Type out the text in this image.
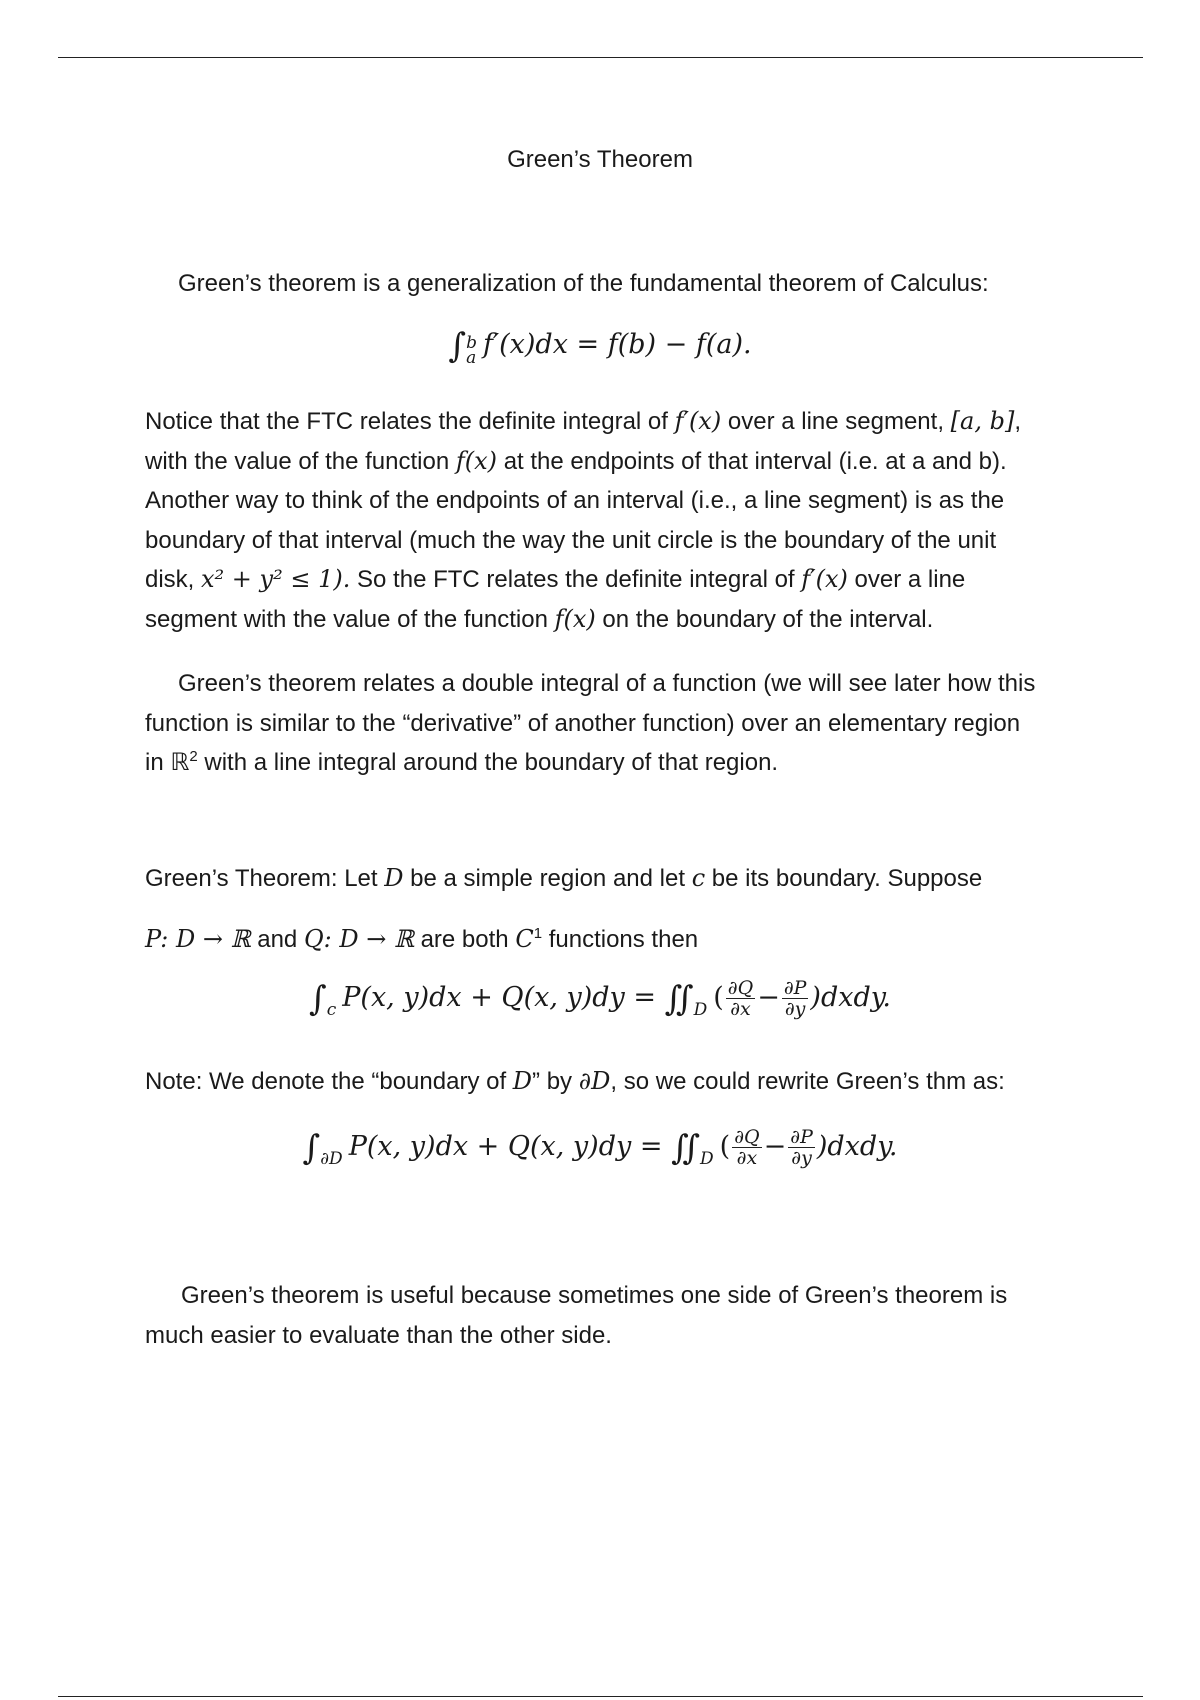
Green’s Theorem
Green’s theorem is a generalization of the fundamental theorem of Calculus:
∫ b
a f′(x)dx = f(b) − f(a).
Notice that the FTC relates the definite integral of f′(x) over a line segment, [a, b],
with the value of the function f(x) at the endpoints of that interval (i.e. at a and b).
Another way to think of the endpoints of an interval (i.e., a line segment) is as the
boundary of that interval (much the way the unit circle is the boundary of the unit
disk, x² + y² ≤ 1). So the FTC relates the definite integral of f′(x) over a line
segment with the value of the function f(x) on the boundary of the interval.
Green’s theorem relates a double integral of a function (we will see later how this
function is similar to the “derivative” of another function) over an elementary region
in ℝ$^2$ with a line integral around the boundary of that region.
Green’s Theorem: Let D be a simple region and let c be its boundary. Suppose
P: D → ℝ and Q: D → ℝ are both $C^1$ functions then
$\int_c$ P(x, y)dx + Q(x, $y)dy = ∬_D$ ( $\frac{\partial Q}{\partial x} - \frac{\partial P}{\partial y}$ )dxdy.
Note: We denote the “boundary of D” by ∂D, so we could rewrite Green’s thm as:
$\int_{\partial D}$ P(x, y)dx + Q(x, $y)dy = ∬_D$ ( $\frac{\partial Q}{\partial x} - \frac{\partial P}{\partial y}$ )dxdy.
Green’s theorem is useful because sometimes one side of Green’s theorem is
much easier to evaluate than the other side.
